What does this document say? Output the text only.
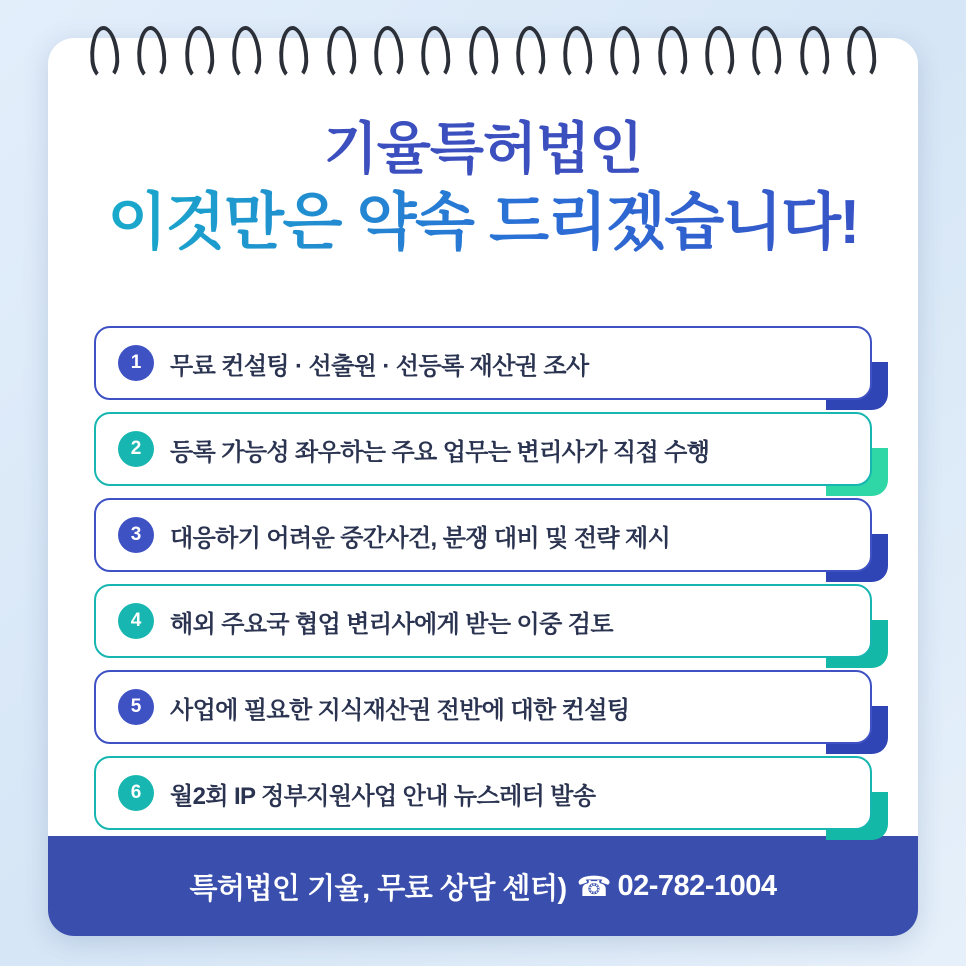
기율특허법인
이것만은 약속 드리겠습니다!
1	무료 컨설팅 · 선출원 · 선등록 재산권 조사
2	등록 가능성 좌우하는 주요 업무는 변리사가 직접 수행
3	대응하기 어려운 중간사건, 분쟁 대비 및 전략 제시
4	해외 주요국 협업 변리사에게 받는 이중 검토
5	사업에 필요한 지식재산권 전반에 대한 컨설팅
6	월2회 IP 정부지원사업 안내 뉴스레터 발송
특허법인 기율, 무료 상담 센터) ☎ 02-782-1004
